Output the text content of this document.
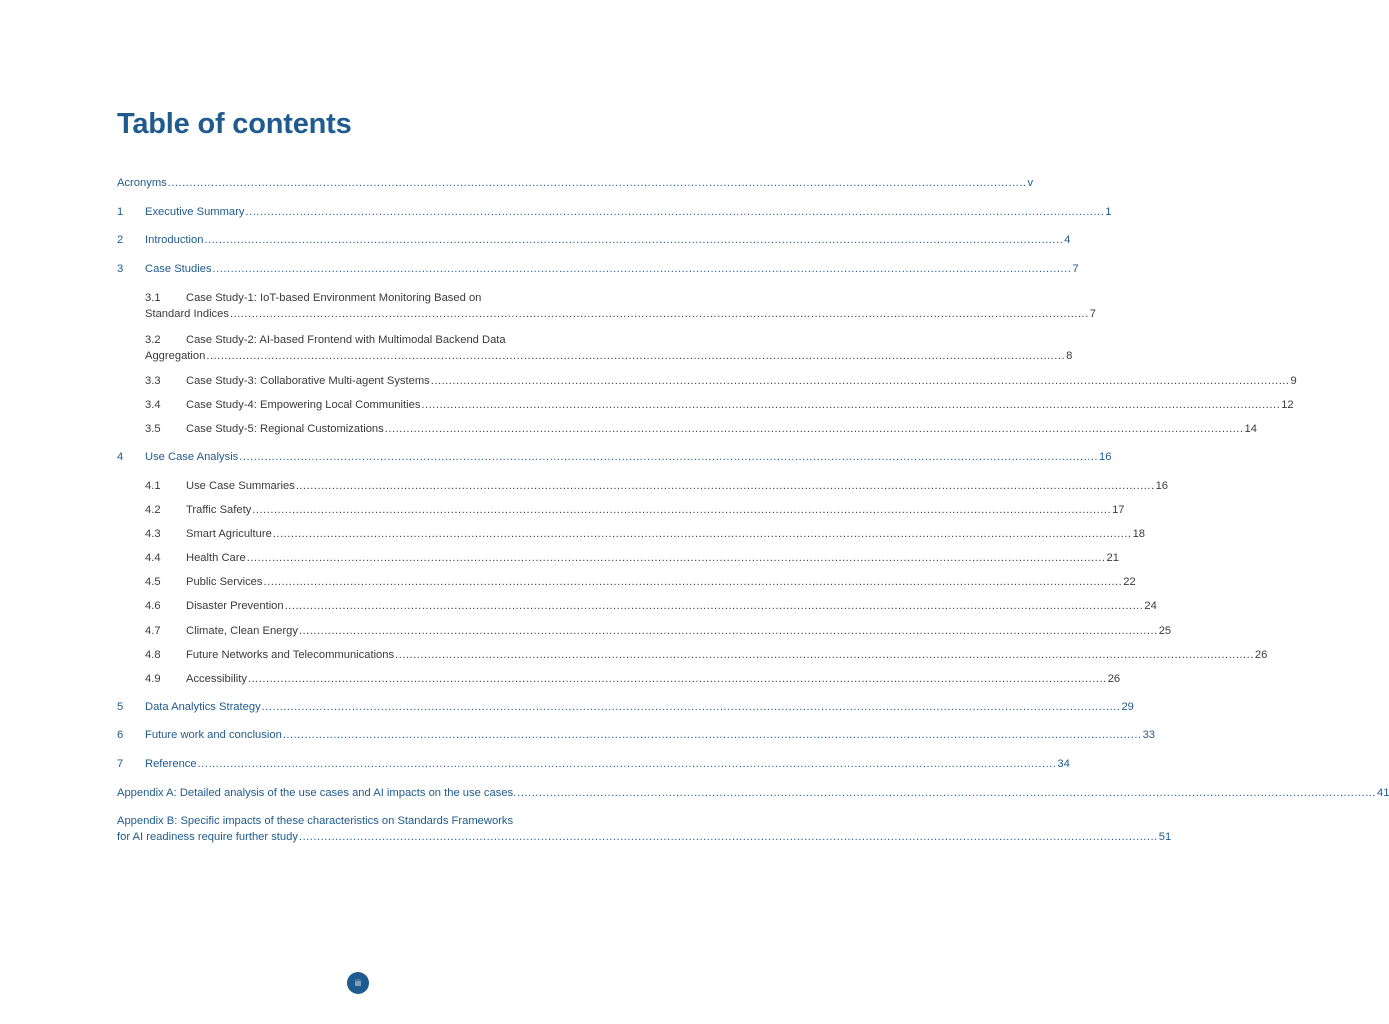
Table of contents
Acronyms .....	v
1	Executive Summary .....	1
2	Introduction .....	4
3	Case Studies .....	7
3.1 Case Study-1: IoT-based Environment Monitoring Based on
Standard Indices .....	7
3.2 Case Study-2: AI-based Frontend with Multimodal Backend Data
Aggregation .....	8
3.3	Case Study-3: Collaborative Multi-agent Systems .....	9
3.4	Case Study-4: Empowering Local Communities .....	12
3.5	Case Study-5: Regional Customizations .....	14
4	Use Case Analysis .....	16
4.1	Use Case Summaries .....	16
4.2	Traffic Safety .....	17
4.3	Smart Agriculture .....	18
4.4	Health Care .....	21
4.5	Public Services .....	22
4.6	Disaster Prevention .....	24
4.7	Climate, Clean Energy .....	25
4.8	Future Networks and Telecommunications .....	26
4.9	Accessibility .....	26
5	Data Analytics Strategy .....	29
6	Future work and conclusion .....	33
7	Reference .....	34
Appendix A: Detailed analysis of the use cases and AI impacts on the use cases. .....	41
Appendix B: Specific impacts of these characteristics on Standards Frameworks
for AI readiness require further study .....	51
iii
